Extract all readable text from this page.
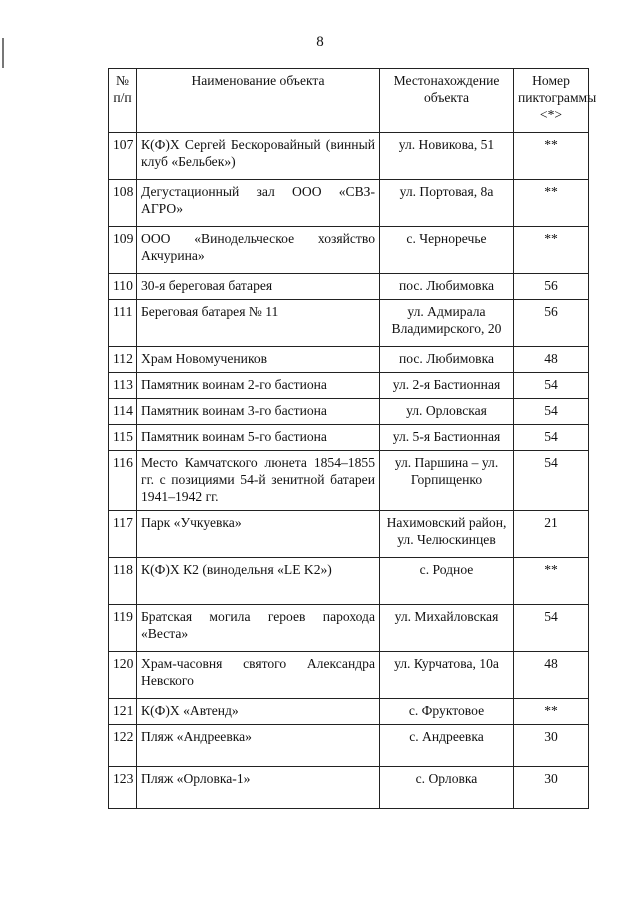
8
№ п/п	Наименование объекта	Местонахождение объекта	Номер пиктограммы <*>
107	К(Ф)Х Сергей Бескоровайный (винный клуб «Бельбек»)	ул. Новикова, 51	**
108	Дегустационный зал ООО «СВЗ-АГРО»	ул. Портовая, 8а	**
109	ООО «Винодельческое хозяйство Акчурина»	с. Черноречье	**
110	30-я береговая батарея	пос. Любимовка	56
111	Береговая батарея № 11	ул. Адмирала Владимирского, 20	56
112	Храм Новомучеников	пос. Любимовка	48
113	Памятник воинам 2-го бастиона	ул. 2-я Бастионная	54
114	Памятник воинам 3-го бастиона	ул. Орловская	54
115	Памятник воинам 5-го бастиона	ул. 5-я Бастионная	54
116	Место Камчатского люнета 1854–1855 гг. с позициями 54-й зенитной батареи 1941–1942 гг.	ул. Паршина – ул. Горпищенко	54
117	Парк «Учкуевка»	Нахимовский район, ул. Челюскинцев	21
118	К(Ф)Х К2 (винодельня «LE K2»)	с. Родное	**
119	Братская могила героев парохода «Веста»	ул. Михайловская	54
120	Храм-часовня святого Александра Невского	ул. Курчатова, 10а	48
121	К(Ф)Х «Автенд»	с. Фруктовое	**
122	Пляж «Андреевка»	с. Андреевка	30
123	Пляж «Орловка-1»	с. Орловка	30
